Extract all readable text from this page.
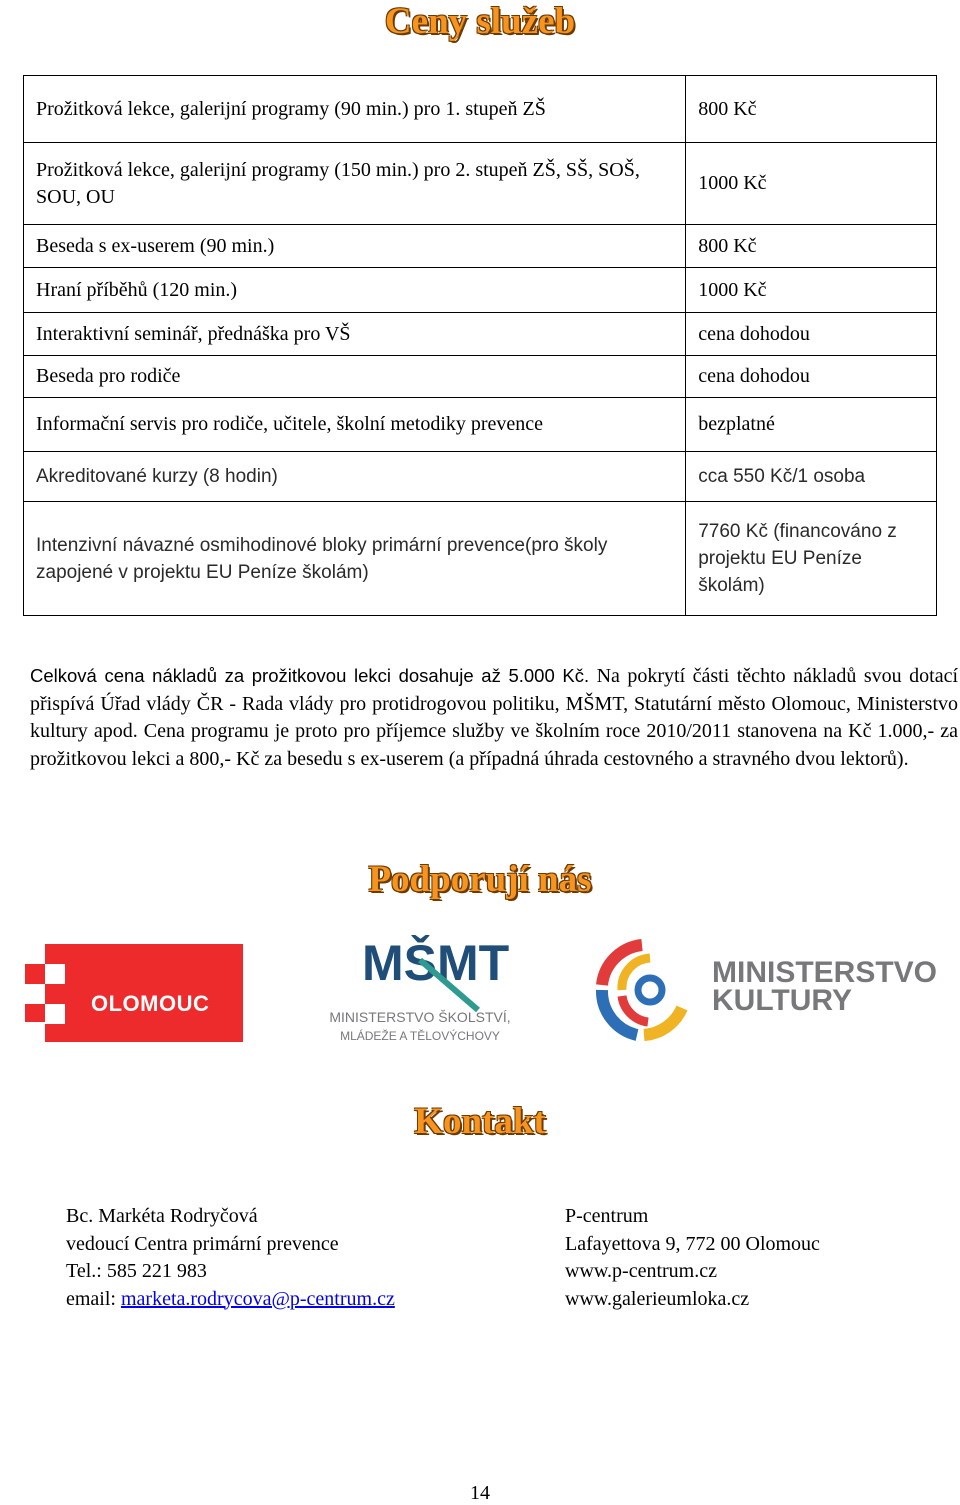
Ceny služeb
Prožitková lekce, galerijní programy (90 min.) pro 1. stupeň ZŠ	800 Kč
Prožitková lekce, galerijní programy (150 min.) pro 2. stupeň ZŠ, SŠ, SOŠ, SOU, OU	1000 Kč
Beseda s ex-userem (90 min.)	800 Kč
Hraní příběhů (120 min.)	1000 Kč
Interaktivní seminář, přednáška pro VŠ	cena dohodou
Beseda pro rodiče	cena dohodou
Informační servis pro rodiče, učitele, školní metodiky prevence	bezplatné
Akreditované kurzy (8 hodin)	cca 550 Kč/1 osoba
Intenzivní návazné osmihodinové bloky primární prevence(pro školy zapojené v projektu EU Peníze školám)	7760 Kč (financováno z projektu EU Peníze školám)
Celková cena nákladů za prožitkovou lekci dosahuje až 5.000 Kč. Na pokrytí části těchto nákladů svou dotací přispívá Úřad vlády ČR - Rada vlády pro protidrogovou politiku, MŠMT, Statutární město Olomouc, Ministerstvo kultury apod. Cena programu je proto pro příjemce služby ve školním roce 2010/2011 stanovena na Kč 1.000,- za prožitkovou lekci a 800,- Kč za besedu s ex-userem (a případná úhrada cestovného a stravného dvou lektorů).
Podporují nás
OLOMOUC
MŠMT
MINISTERSTVO ŠKOLSTVÍ,
MLÁDEŽE A TĚLOVÝCHOVY
MINISTERSTVO
KULTURY
Kontakt
Bc. Markéta Rodryčová
vedoucí Centra primární prevence
Tel.: 585 221 983
email: marketa.rodrycova@p-centrum.cz
P-centrum
Lafayettova 9, 772 00 Olomouc
www.p-centrum.cz
www.galerieumloka.cz
14
